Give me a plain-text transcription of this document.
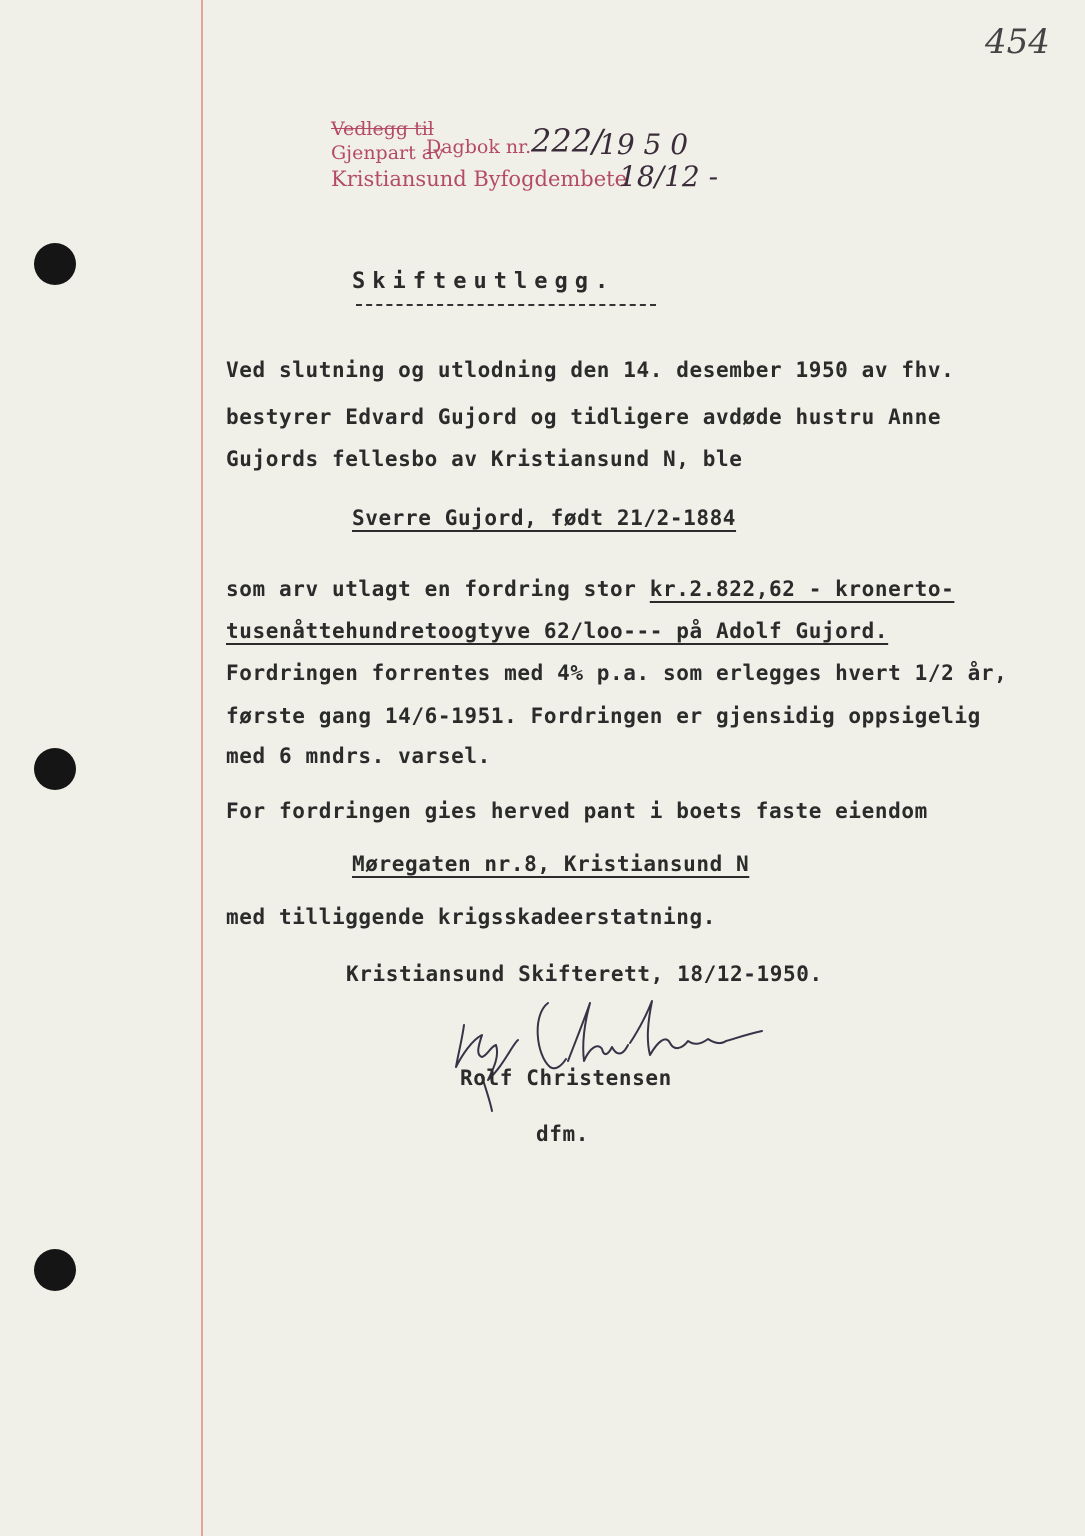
454
Vedlegg til
Dagbok nr.
Gjenpart av
Kristiansund Byfogdembete
222/
19 5 0
18/12 -
Skifteutlegg.
Ved slutning og utlodning den 14. desember 1950 av fhv.
bestyrer Edvard Gujord og tidligere avdøde hustru Anne
Gujords fellesbo av Kristiansund N, ble
Sverre Gujord, født 21/2-1884
som arv utlagt en fordring stor kr.2.822,62 - kronerto-
tusenåttehundretoogtyve 62/loo--- på Adolf Gujord.
Fordringen forrentes med 4% p.a. som erlegges hvert 1/2 år,
første gang 14/6-1951. Fordringen er gjensidig oppsigelig
med 6 mndrs. varsel.
For fordringen gies herved pant i boets faste eiendom
Møregaten nr.8, Kristiansund N
med tilliggende krigsskadeerstatning.
Kristiansund Skifterett, 18/12-1950.
Rolf Christensen
dfm.
